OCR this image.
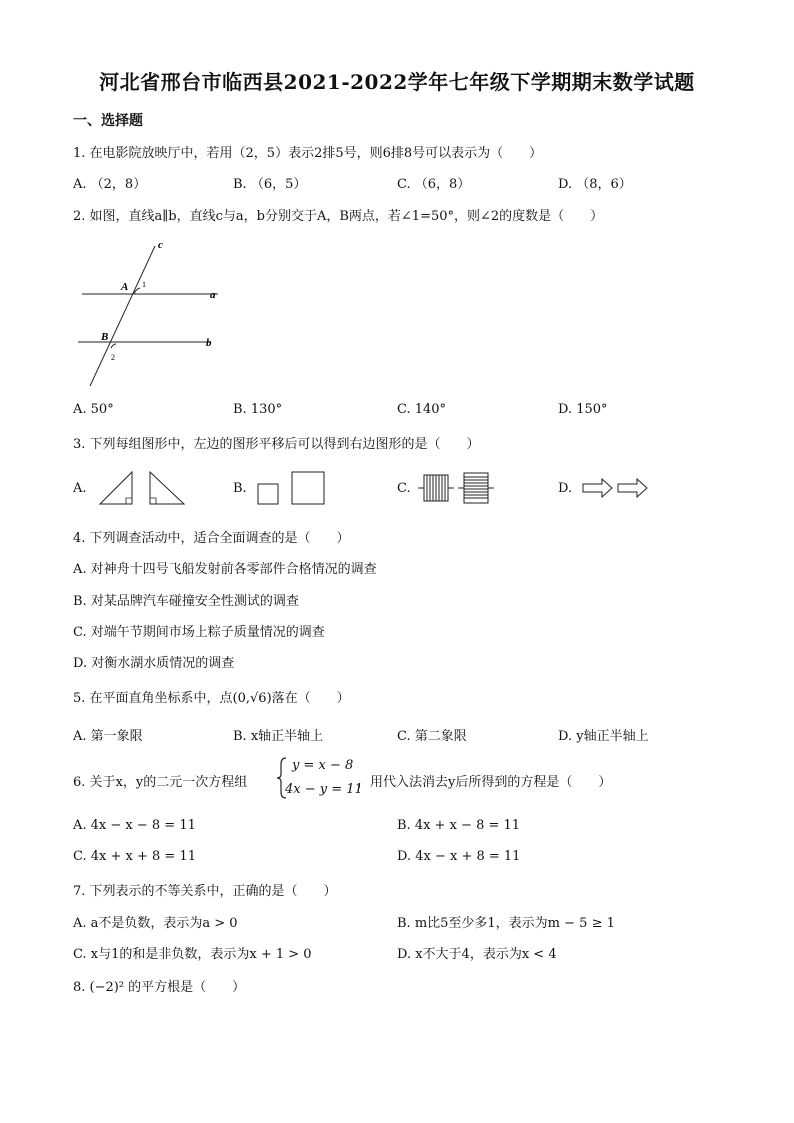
河北省邢台市临西县2021-2022学年七年级下学期期末数学试题
一、选择题
1. 在电影院放映厅中，若用（2，5）表示2排5号，则6排8号可以表示为（　　）
A. （2，8）	B. （6，5）	C. （6，8）	D. （8，6）
2. 如图，直线a∥b，直线c与a，b分别交于A，B两点，若∠1=50°，则∠2的度数是（　　）
c
a
b
A
B
1
2
A. 50°	B. 130°	C. 140°	D. 150°
3. 下列每组图形中，左边的图形平移后可以得到右边图形的是（　　）
A.	B.	C.	D.
4. 下列调查活动中，适合全面调查的是（　　）
A. 对神舟十四号飞船发射前各零部件合格情况的调查
B. 对某品牌汽车碰撞安全性测试的调查
C. 对端午节期间市场上粽子质量情况的调查
D. 对衡水湖水质情况的调查
5. 在平面直角坐标系中，点(0,√6)落在（　　）
A. 第一象限	B. x轴正半轴上	C. 第二象限	D. y轴正半轴上
6. 关于x，y的二元一次方程组
y = x − 8
4x − y = 11
，用代入法消去y后所得到的方程是（　　）
A. 4x − x − 8 = 11	B. 4x + x − 8 = 11
C. 4x + x + 8 = 11	D. 4x − x + 8 = 11
7. 下列表示的不等关系中，正确的是（　　）
A. a不是负数，表示为a > 0	B. m比5至少多1，表示为m − 5 ≥ 1
C. x与1的和是非负数，表示为x + 1 > 0	D. x不大于4，表示为x < 4
8. (−2)² 的平方根是（　　）
